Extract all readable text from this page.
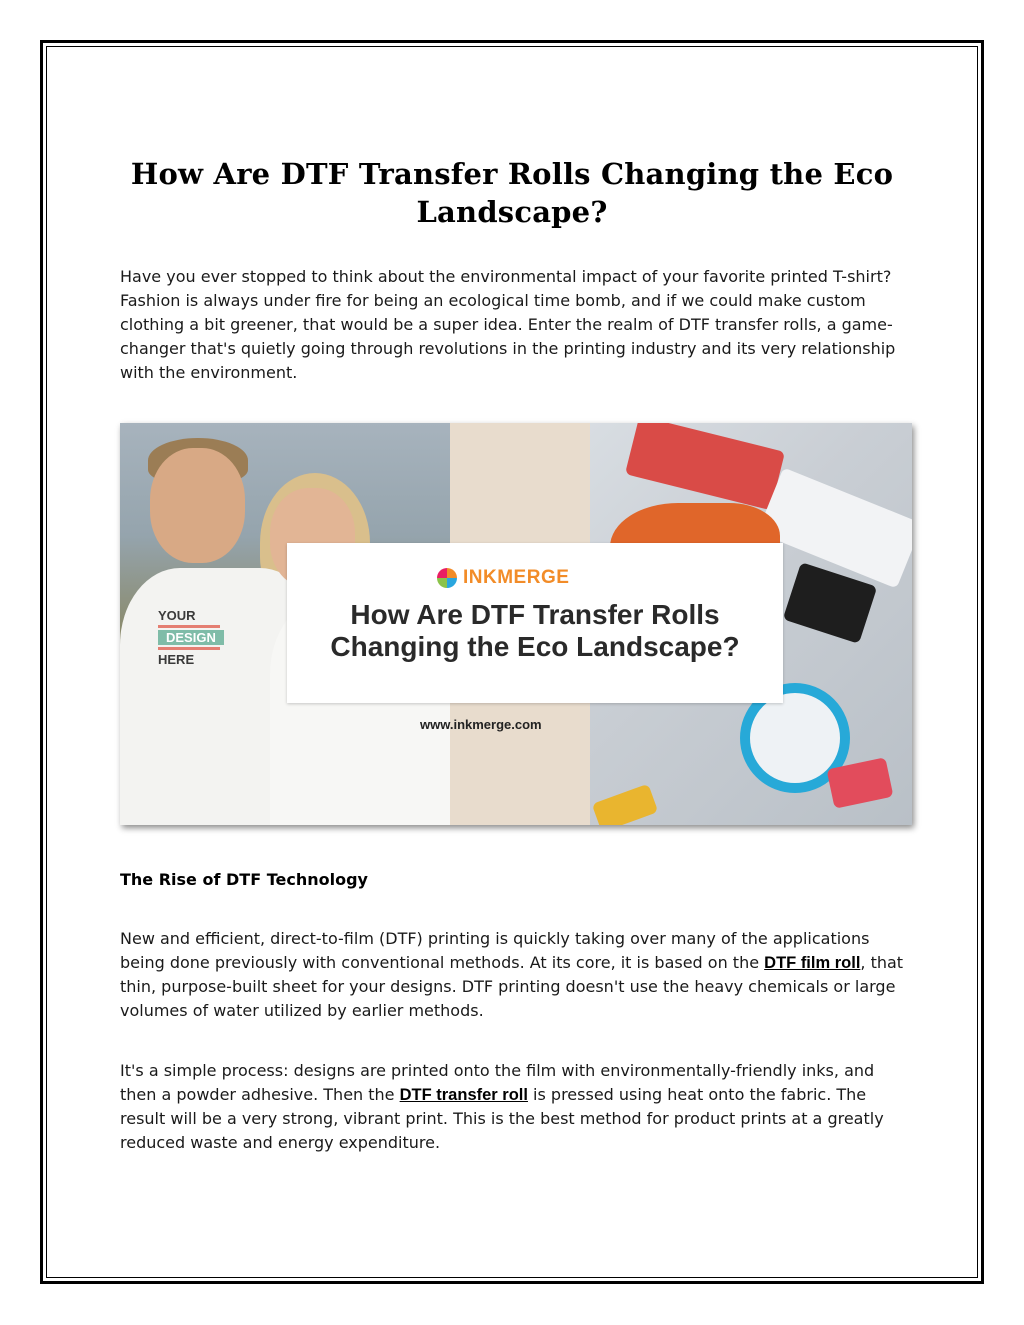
How Are DTF Transfer Rolls Changing the Eco Landscape?

Have you ever stopped to think about the environmental impact of your favorite printed T-shirt? Fashion is always under fire for being an ecological time bomb, and if we could make custom clothing a bit greener, that would be a super idea. Enter the realm of DTF transfer rolls, a game-changer that's quietly going through revolutions in the printing industry and its very relationship with the environment.

YOUR
DESIGN
HERE
INKMERGE
How Are DTF Transfer Rolls Changing the Eco Landscape?
www.inkmerge.com
The Rise of DTF Technology

New and efficient, direct-to-film (DTF) printing is quickly taking over many of the applications being done previously with conventional methods. At its core, it is based on the DTF film roll, that thin, purpose-built sheet for your designs. DTF printing doesn't use the heavy chemicals or large volumes of water utilized by earlier methods.

It's a simple process: designs are printed onto the film with environmentally-friendly inks, and then a powder adhesive. Then the DTF transfer roll is pressed using heat onto the fabric. The result will be a very strong, vibrant print. This is the best method for product prints at a greatly reduced waste and energy expenditure.
